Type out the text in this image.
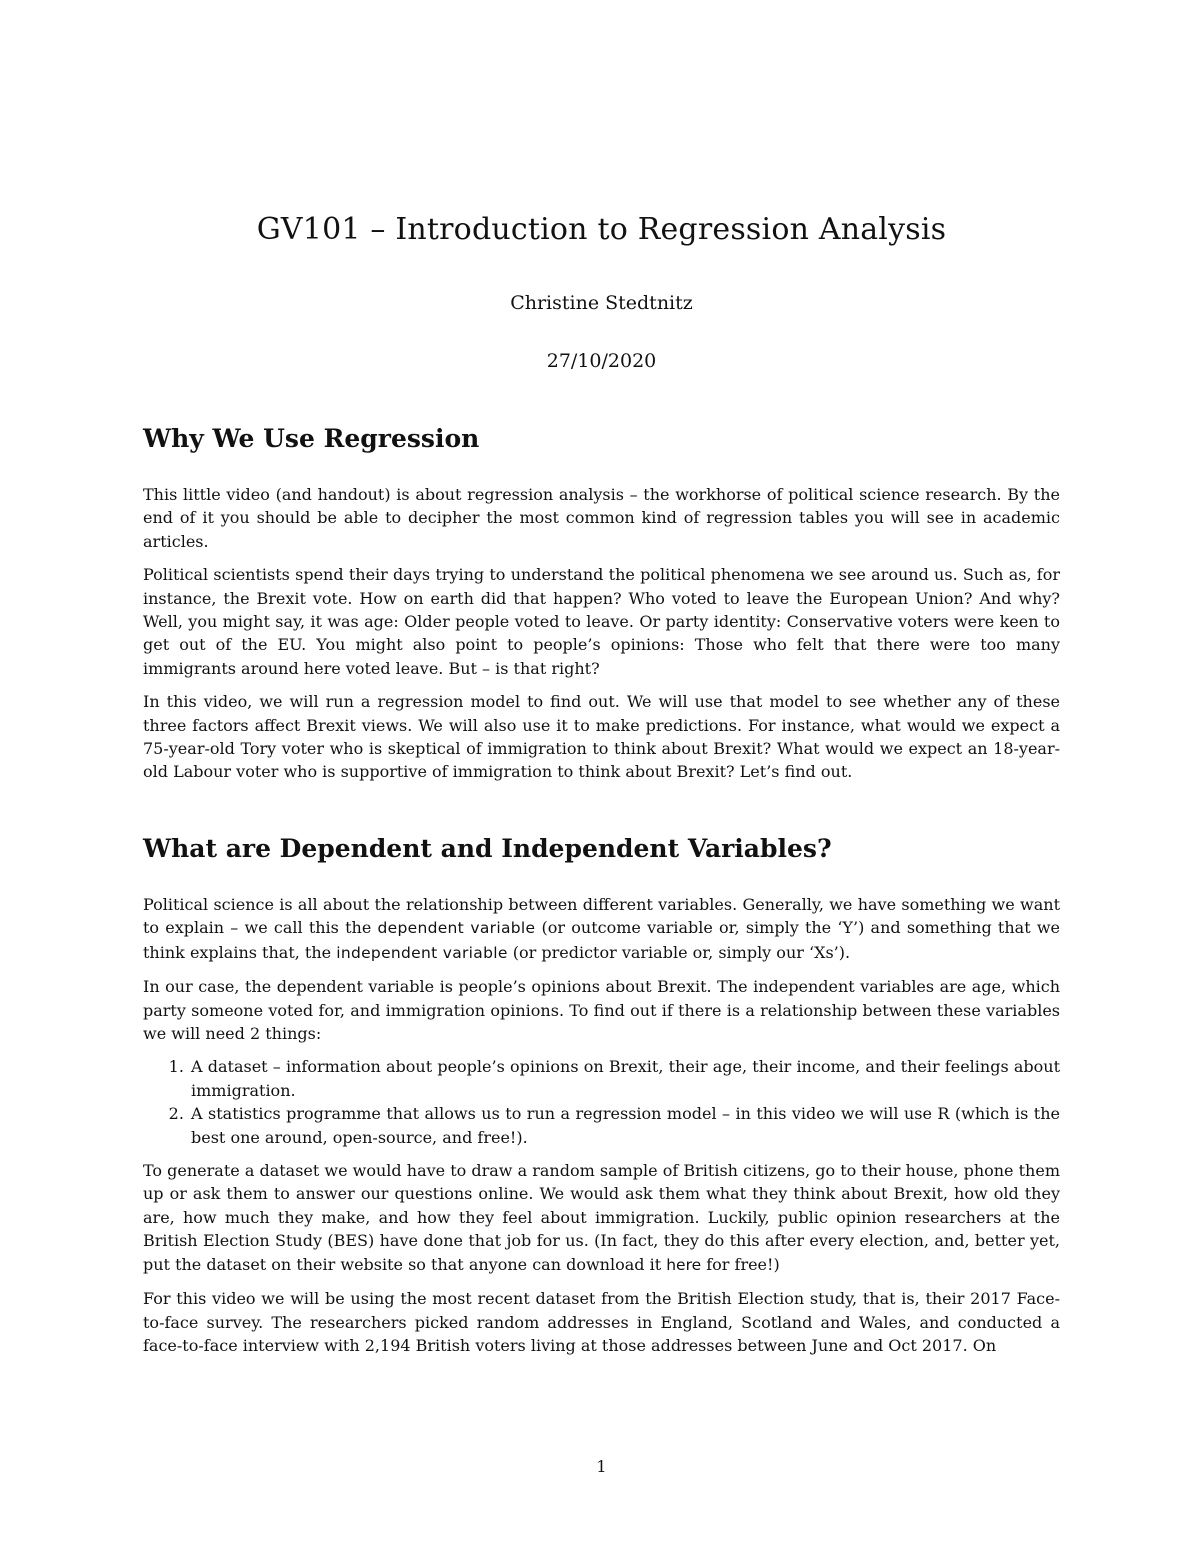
GV101 – Introduction to Regression Analysis

Christine Stedtnitz

27/10/2020

Why We Use Regression

This little video (and handout) is about regression analysis – the workhorse of political science research. By the end of it you should be able to decipher the most common kind of regression tables you will see in academic articles.

Political scientists spend their days trying to understand the political phenomena we see around us. Such as, for instance, the Brexit vote. How on earth did that happen? Who voted to leave the European Union? And why? Well, you might say, it was age: Older people voted to leave. Or party identity: Conservative voters were keen to get out of the EU. You might also point to people’s opinions: Those who felt that there were too many immigrants around here voted leave. But – is that right?

In this video, we will run a regression model to find out. We will use that model to see whether any of these three factors affect Brexit views. We will also use it to make predictions. For instance, what would we expect a 75-year-old Tory voter who is skeptical of immigration to think about Brexit? What would we expect an 18-year-old Labour voter who is supportive of immigration to think about Brexit? Let’s find out.

What are Dependent and Independent Variables?

Political science is all about the relationship between different variables. Generally, we have something we want to explain – we call this the dependent variable (or outcome variable or, simply the ‘Y’) and something that we think explains that, the independent variable (or predictor variable or, simply our ‘Xs’).

In our case, the dependent variable is people’s opinions about Brexit. The independent variables are age, which party someone voted for, and immigration opinions. To find out if there is a relationship between these variables we will need 2 things:

1. A dataset – information about people’s opinions on Brexit, their age, their income, and their feelings about immigration.
2. A statistics programme that allows us to run a regression model – in this video we will use R (which is the best one around, open-source, and free!).

To generate a dataset we would have to draw a random sample of British citizens, go to their house, phone them up or ask them to answer our questions online. We would ask them what they think about Brexit, how old they are, how much they make, and how they feel about immigration. Luckily, public opinion researchers at the British Election Study (BES) have done that job for us. (In fact, they do this after every election, and, better yet, put the dataset on their website so that anyone can download it here for free!)

For this video we will be using the most recent dataset from the British Election study, that is, their 2017 Face-to-face survey. The researchers picked random addresses in England, Scotland and Wales, and conducted a face-to-face interview with 2,194 British voters living at those addresses between June and Oct 2017. On

1
